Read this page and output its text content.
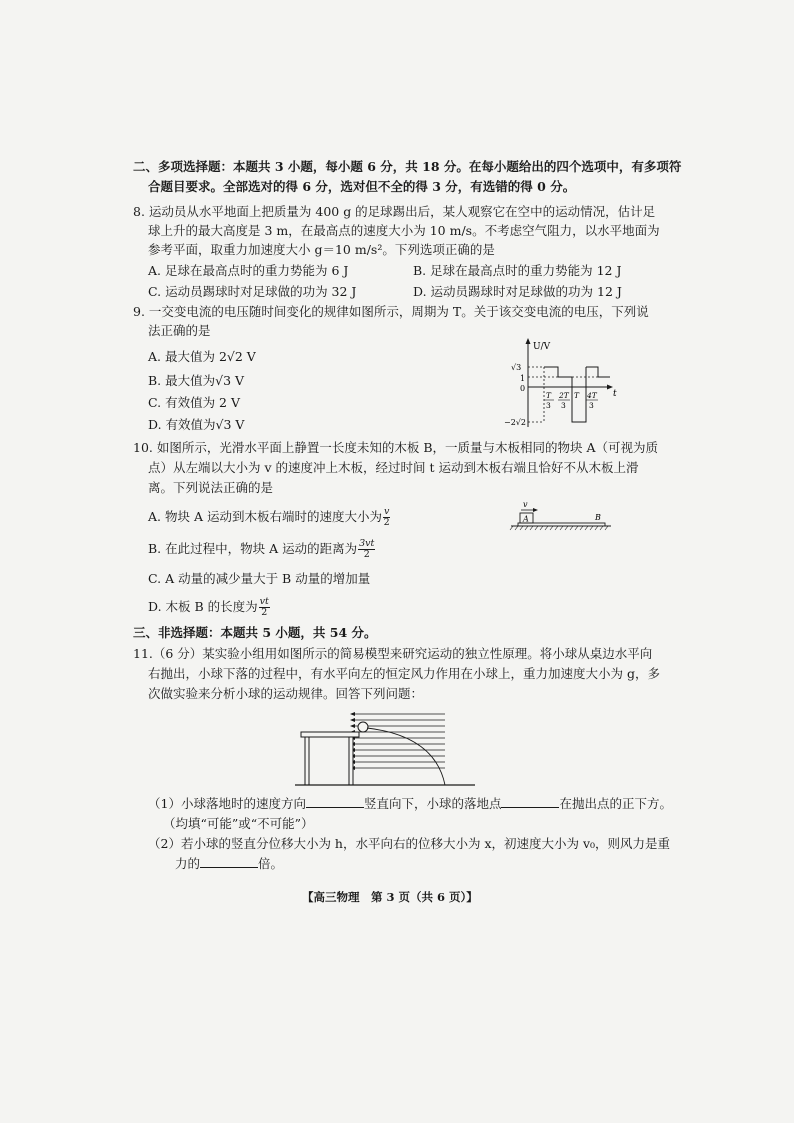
二、多项选择题：本题共 3 小题，每小题 6 分，共 18 分。在每小题给出的四个选项中，有多项符
合题目要求。全部选对的得 6 分，选对但不全的得 3 分，有选错的得 0 分。
8. 运动员从水平地面上把质量为 400 g 的足球踢出后，某人观察它在空中的运动情况，估计足
球上升的最大高度是 3 m，在最高点的速度大小为 10 m/s。不考虑空气阻力，以水平地面为
参考平面，取重力加速度大小 g＝10 m/s²。下列选项正确的是
A. 足球在最高点时的重力势能为 6 J	B. 足球在最高点时的重力势能为 12 J
C. 运动员踢球时对足球做的功为 32 J	D. 运动员踢球时对足球做的功为 12 J
9. 一交变电流的电压随时间变化的规律如图所示，周期为 T。关于该交变电流的电压，下列说
法正确的是
A. 最大值为 2√2 V
B. 最大值为√3 V
C. 有效值为 2 V
D. 有效值为√3 V
U/V
t
0
√3
1
−2√2
T
3
2T
3
T 4T
3
10. 如图所示，光滑水平面上静置一长度未知的木板 B，一质量与木板相同的物块 A（可视为质
点）从左端以大小为 v 的速度冲上木板，经过时间 t 运动到木板右端且恰好不从木板上滑
离。下列说法正确的是
A. 物块 A 运动到木板右端时的速度大小为 $\frac{v}{2}$
B. 在此过程中，物块 A 运动的距离为 $\frac{3vt}{2}$
C. A 动量的减少量大于 B 动量的增加量
D. 木板 B 的长度为 $\frac{vt}{2}$
v
A	B
三、非选择题：本题共 5 小题，共 54 分。
11.（6 分）某实验小组用如图所示的简易模型来研究运动的独立性原理。将小球从桌边水平向
右抛出，小球下落的过程中，有水平向左的恒定风力作用在小球上，重力加速度大小为 g，多
次做实验来分析小球的运动规律。回答下列问题：
（1）小球落地时的速度方向	竖直向下，小球的落地点	在抛出点的正下方。
（均填“可能”或“不可能”）
（2）若小球的竖直分位移大小为 h，水平向右的位移大小为 x，初速度大小为 v₀，则风力是重
力的	倍。
【高三物理　第 3 页（共 6 页）】
